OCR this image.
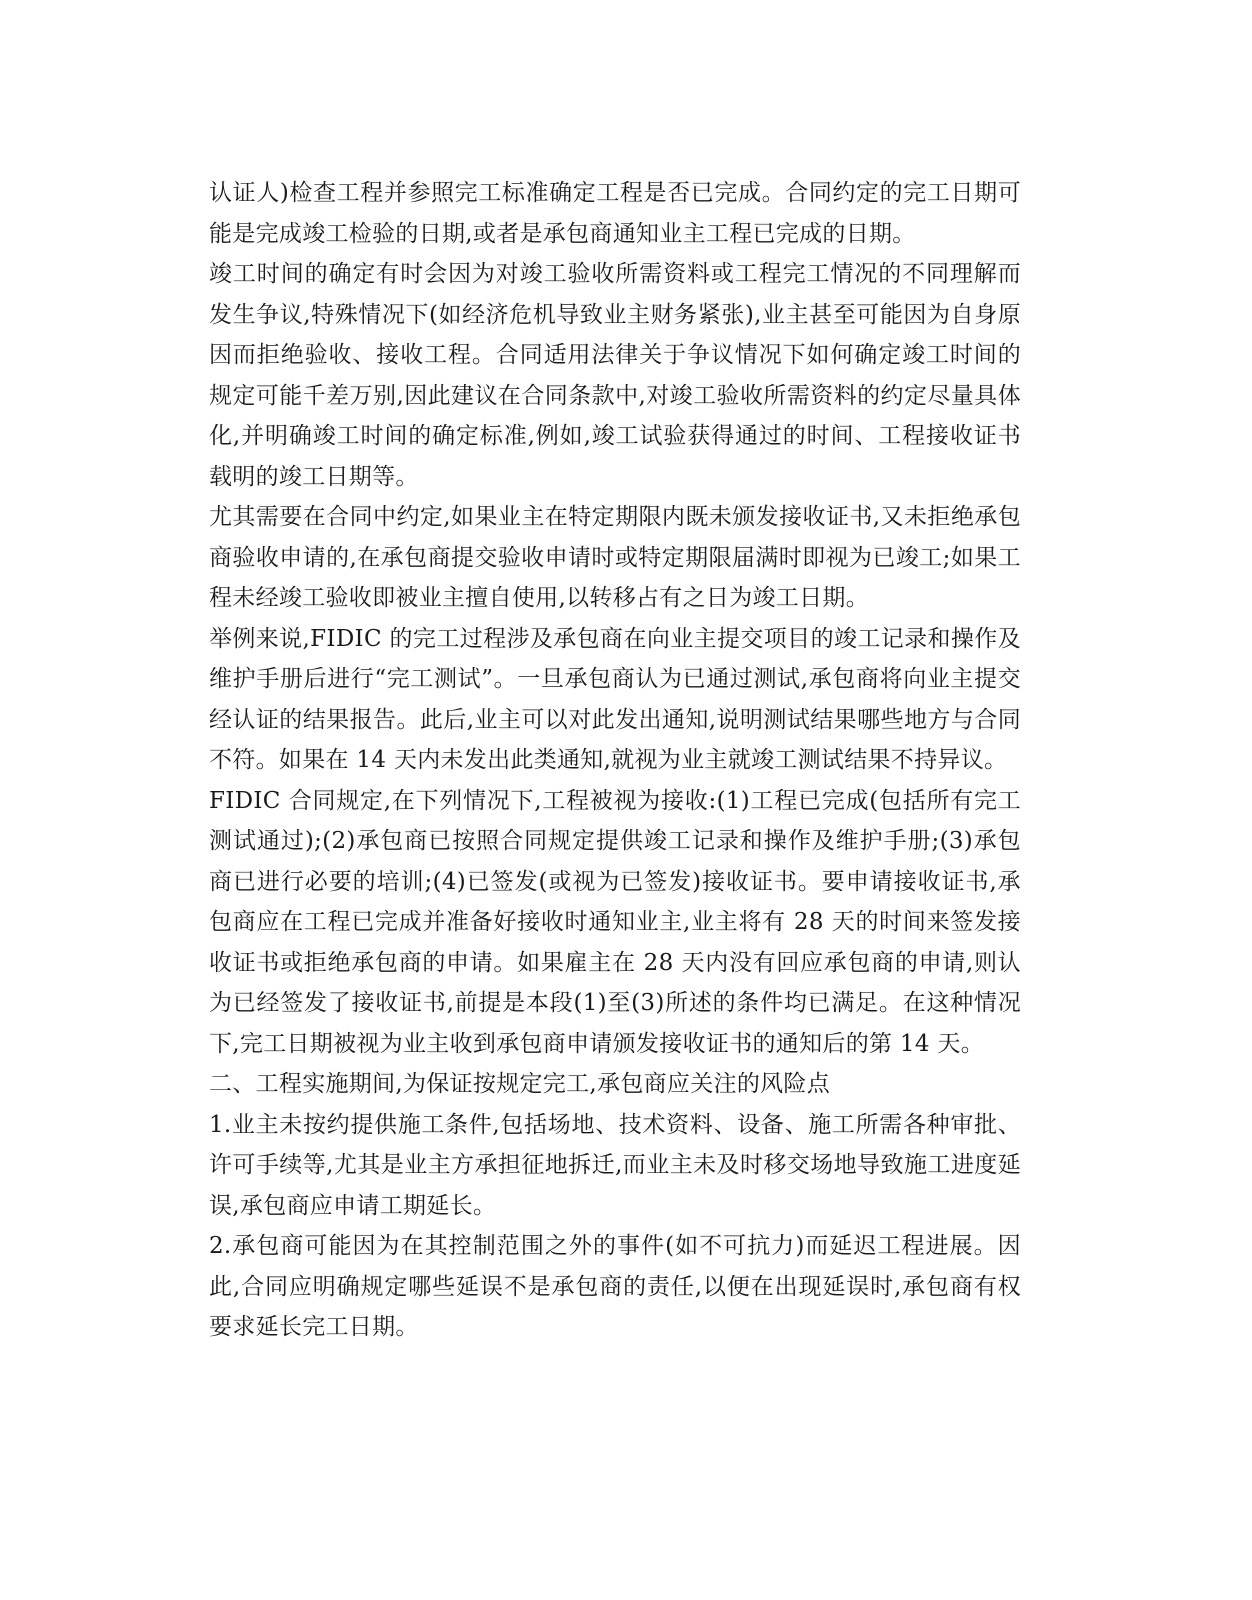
认证人)检查工程并参照完工标准确定工程是否已完成。合同约定的完工日期可能是完成竣工检验的日期,或者是承包商通知业主工程已完成的日期。

竣工时间的确定有时会因为对竣工验收所需资料或工程完工情况的不同理解而发生争议,特殊情况下(如经济危机导致业主财务紧张),业主甚至可能因为自身原因而拒绝验收、接收工程。合同适用法律关于争议情况下如何确定竣工时间的规定可能千差万别,因此建议在合同条款中,对竣工验收所需资料的约定尽量具体化,并明确竣工时间的确定标准,例如,竣工试验获得通过的时间、工程接收证书载明的竣工日期等。

尤其需要在合同中约定,如果业主在特定期限内既未颁发接收证书,又未拒绝承包商验收申请的,在承包商提交验收申请时或特定期限届满时即视为已竣工;如果工程未经竣工验收即被业主擅自使用,以转移占有之日为竣工日期。

举例来说,FIDIC 的完工过程涉及承包商在向业主提交项目的竣工记录和操作及维护手册后进行“完工测试”。一旦承包商认为已通过测试,承包商将向业主提交经认证的结果报告。此后,业主可以对此发出通知,说明测试结果哪些地方与合同不符。如果在 14 天内未发出此类通知,就视为业主就竣工测试结果不持异议。

FIDIC 合同规定,在下列情况下,工程被视为接收:(1)工程已完成(包括所有完工测试通过);(2)承包商已按照合同规定提供竣工记录和操作及维护手册;(3)承包商已进行必要的培训;(4)已签发(或视为已签发)接收证书。要申请接收证书,承包商应在工程已完成并准备好接收时通知业主,业主将有 28 天的时间来签发接收证书或拒绝承包商的申请。如果雇主在 28 天内没有回应承包商的申请,则认为已经签发了接收证书,前提是本段(1)至(3)所述的条件均已满足。在这种情况下,完工日期被视为业主收到承包商申请颁发接收证书的通知后的第 14 天。

二、工程实施期间,为保证按规定完工,承包商应关注的风险点

1.业主未按约提供施工条件,包括场地、技术资料、设备、施工所需各种审批、许可手续等,尤其是业主方承担征地拆迁,而业主未及时移交场地导致施工进度延误,承包商应申请工期延长。

2.承包商可能因为在其控制范围之外的事件(如不可抗力)而延迟工程进展。因此,合同应明确规定哪些延误不是承包商的责任,以便在出现延误时,承包商有权要求延长完工日期。
